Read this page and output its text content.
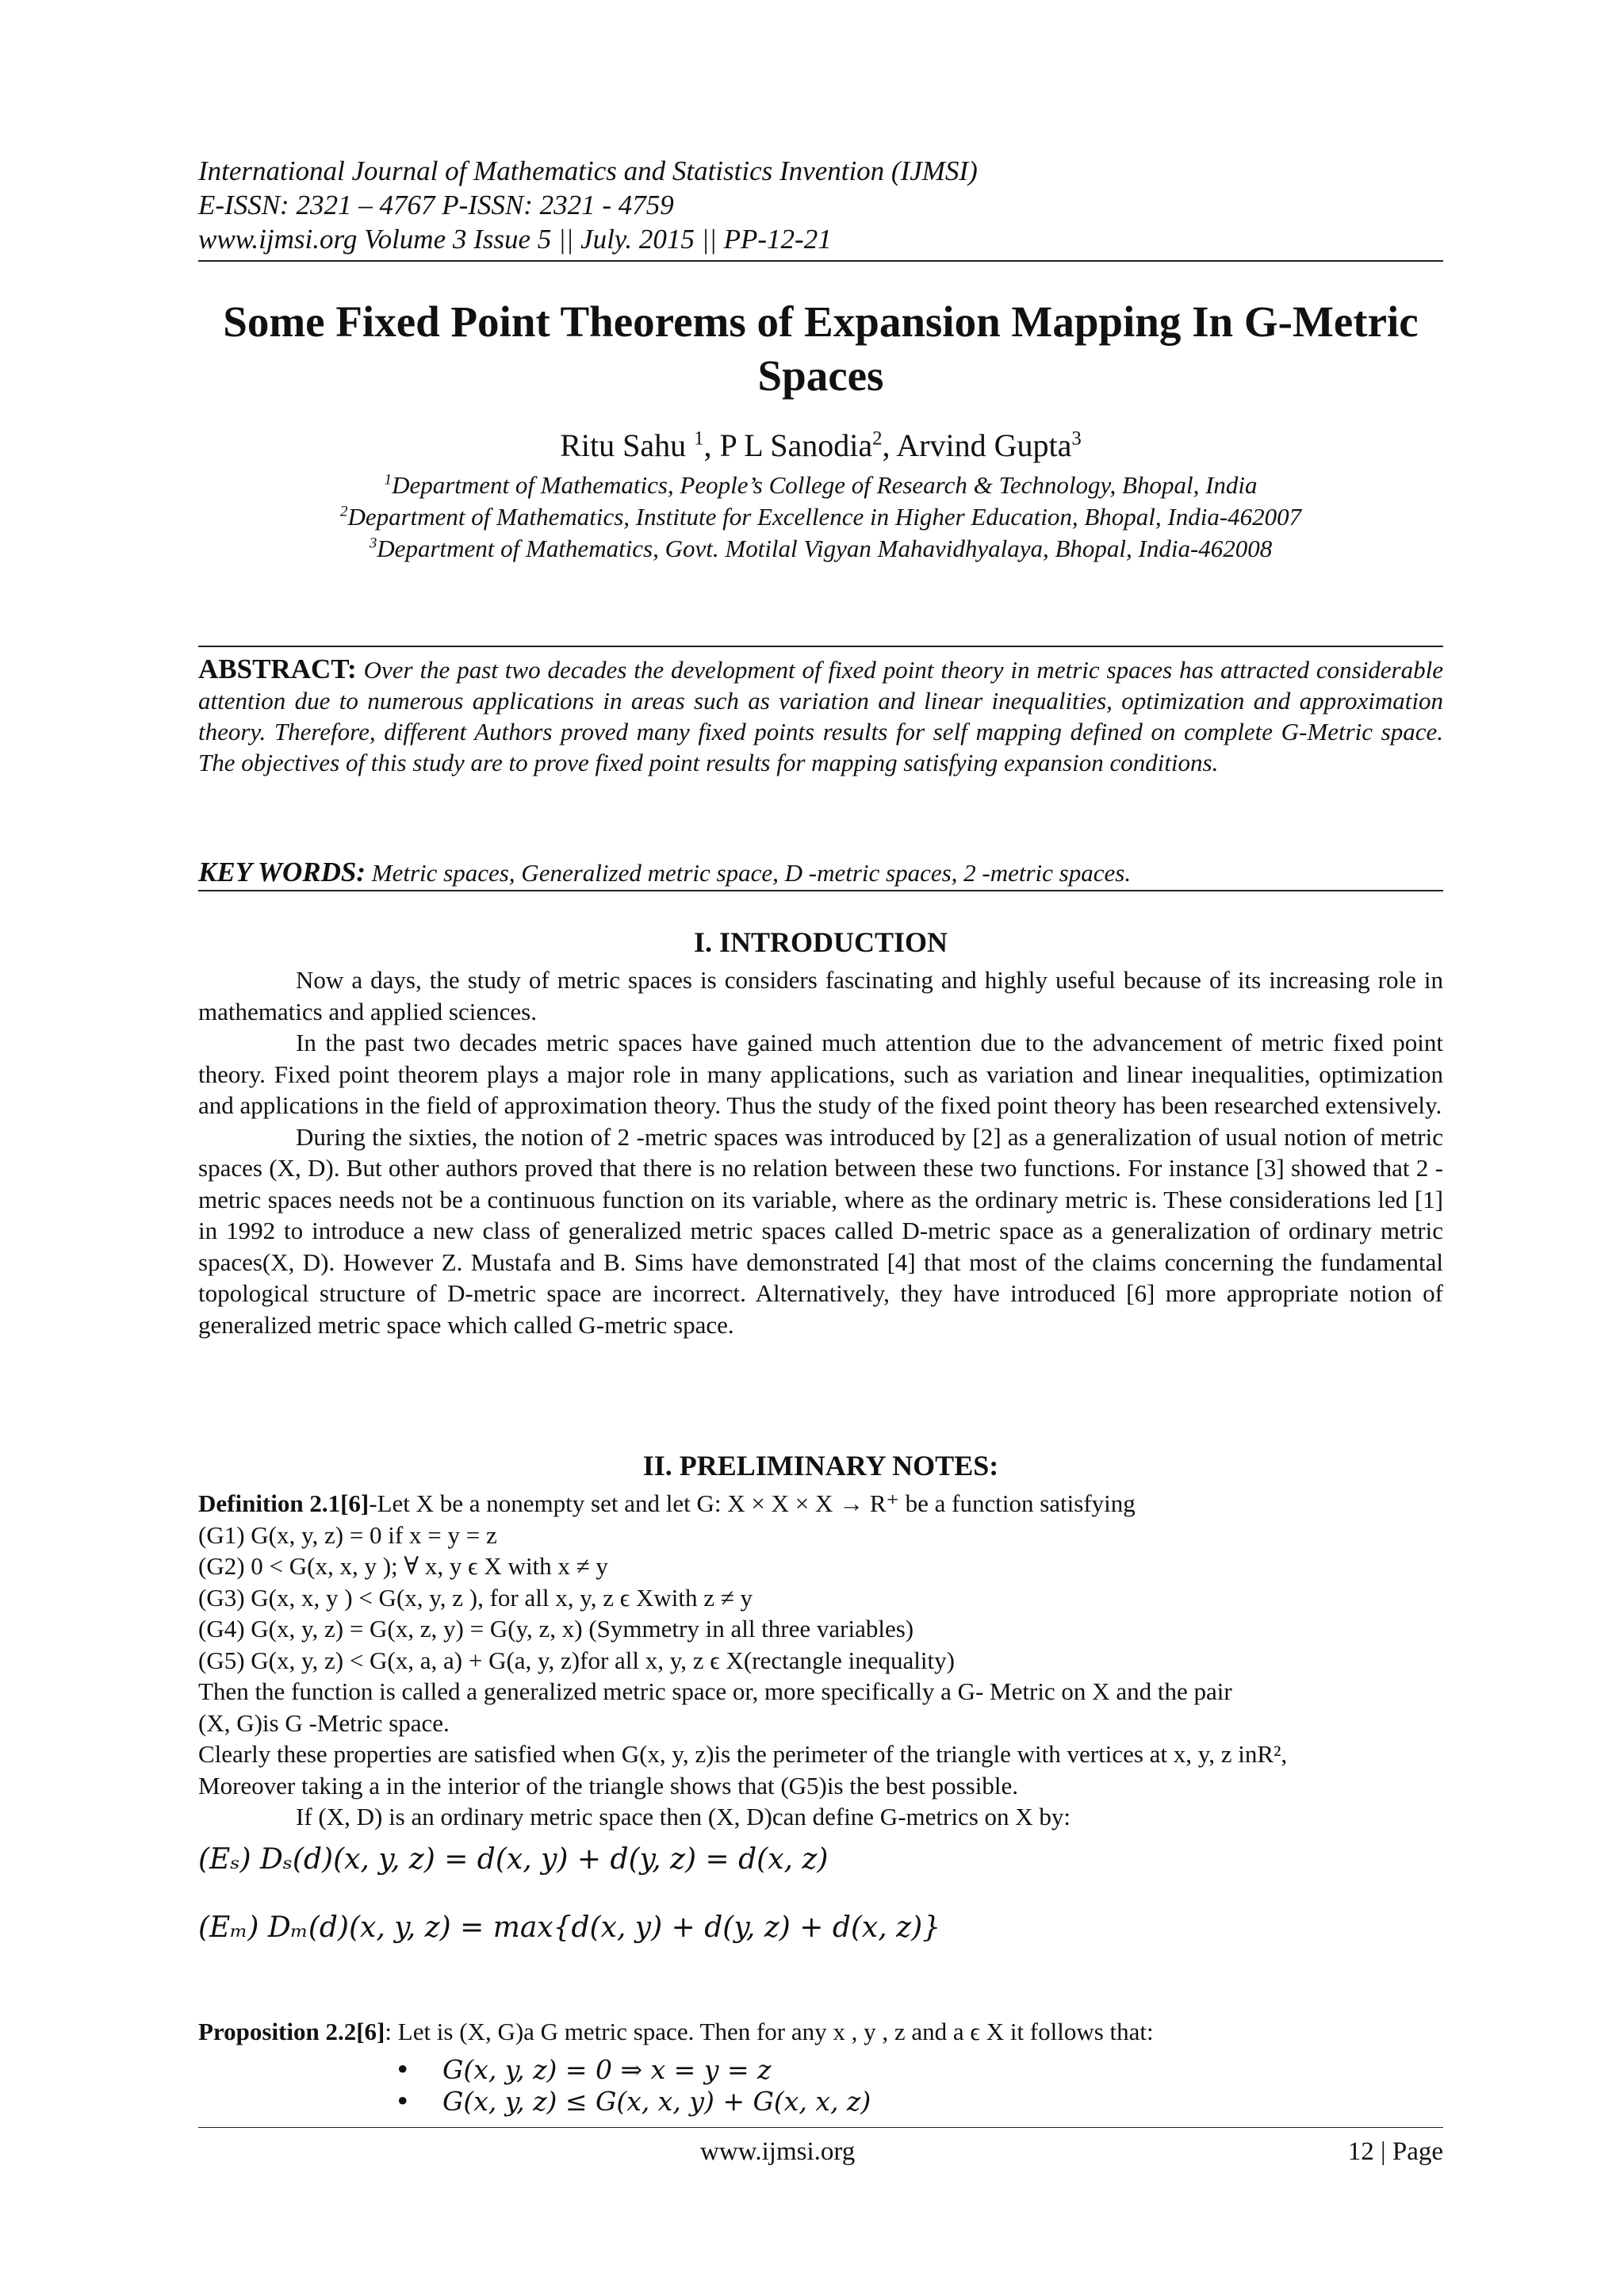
International Journal of Mathematics and Statistics Invention (IJMSI)
E-ISSN: 2321 – 4767 P-ISSN: 2321 - 4759
www.ijmsi.org Volume 3 Issue 5 || July. 2015 || PP-12-21
Some Fixed Point Theorems of Expansion Mapping In G-Metric Spaces
Ritu Sahu $^1$, P L Sanodia$^2$, Arvind Gupta$^3$
$^1$Department of Mathematics, People’s College of Research & Technology, Bhopal, India
$^2$Department of Mathematics, Institute for Excellence in Higher Education, Bhopal, India-462007
$^3$Department of Mathematics, Govt. Motilal Vigyan Mahavidhyalaya, Bhopal, India-462008
ABSTRACT: Over the past two decades the development of fixed point theory in metric spaces has attracted considerable attention due to numerous applications in areas such as variation and linear inequalities, optimization and approximation theory. Therefore, different Authors proved many fixed points results for self mapping defined on complete G-Metric space. The objectives of this study are to prove fixed point results for mapping satisfying expansion conditions.
KEY WORDS: Metric spaces, Generalized metric space, D -metric spaces, 2 -metric spaces.
I. INTRODUCTION

Now a days, the study of metric spaces is considers fascinating and highly useful because of its increasing role in mathematics and applied sciences.

In the past two decades metric spaces have gained much attention due to the advancement of metric fixed point theory. Fixed point theorem plays a major role in many applications, such as variation and linear inequalities, optimization and applications in the field of approximation theory. Thus the study of the fixed point theory has been researched extensively.

During the sixties, the notion of 2 -metric spaces was introduced by [2] as a generalization of usual notion of metric spaces (X, D). But other authors proved that there is no relation between these two functions. For instance [3] showed that 2 -metric spaces needs not be a continuous function on its variable, where as the ordinary metric is. These considerations led [1] in 1992 to introduce a new class of generalized metric spaces called D-metric space as a generalization of ordinary metric spaces(X, D). However Z. Mustafa and B. Sims have demonstrated [4] that most of the claims concerning the fundamental topological structure of D-metric space are incorrect. Alternatively, they have introduced [6] more appropriate notion of generalized metric space which called G-metric space.

II. PRELIMINARY NOTES:
Definition 2.1[6]-Let X be a nonempty set and let G: X × X × X → R⁺ be a function satisfying
(G1) G(x, y, z) = 0 if x = y = z
(G2) 0 < G(x, x, y ); ∀ x, y ϵ X with x ≠ y
(G3) G(x, x, y ) < G(x, y, z ), for all x, y, z ϵ Xwith z ≠ y
(G4) G(x, y, z) = G(x, z, y) = G(y, z, x) (Symmetry in all three variables)
(G5) G(x, y, z) < G(x, a, a) + G(a, y, z)for all x, y, z ϵ X(rectangle inequality)
Then the function is called a generalized metric space or, more specifically a G- Metric on X and the pair
(X, G)is G -Metric space.
Clearly these properties are satisfied when G(x, y, z)is the perimeter of the triangle with vertices at x, y, z inR²,
Moreover taking a in the interior of the triangle shows that (G5)is the best possible.
If (X, D) is an ordinary metric space then (X, D)can define G-metrics on X by:
(Eₛ) Dₛ(d)(x, y, z) = d(x, y) + d(y, z) = d(x, z)
(Eₘ) Dₘ(d)(x, y, z) = max{d(x, y) + d(y, z) + d(x, z)}
Proposition 2.2[6]: Let is (X, G)a G metric space. Then for any x , y , z and a ϵ X it follows that:
• G(x, y, z) = 0 ⇒ x = y = z
• G(x, y, z) ≤ G(x, x, y) + G(x, x, z)
www.ijmsi.org	12 | Page
